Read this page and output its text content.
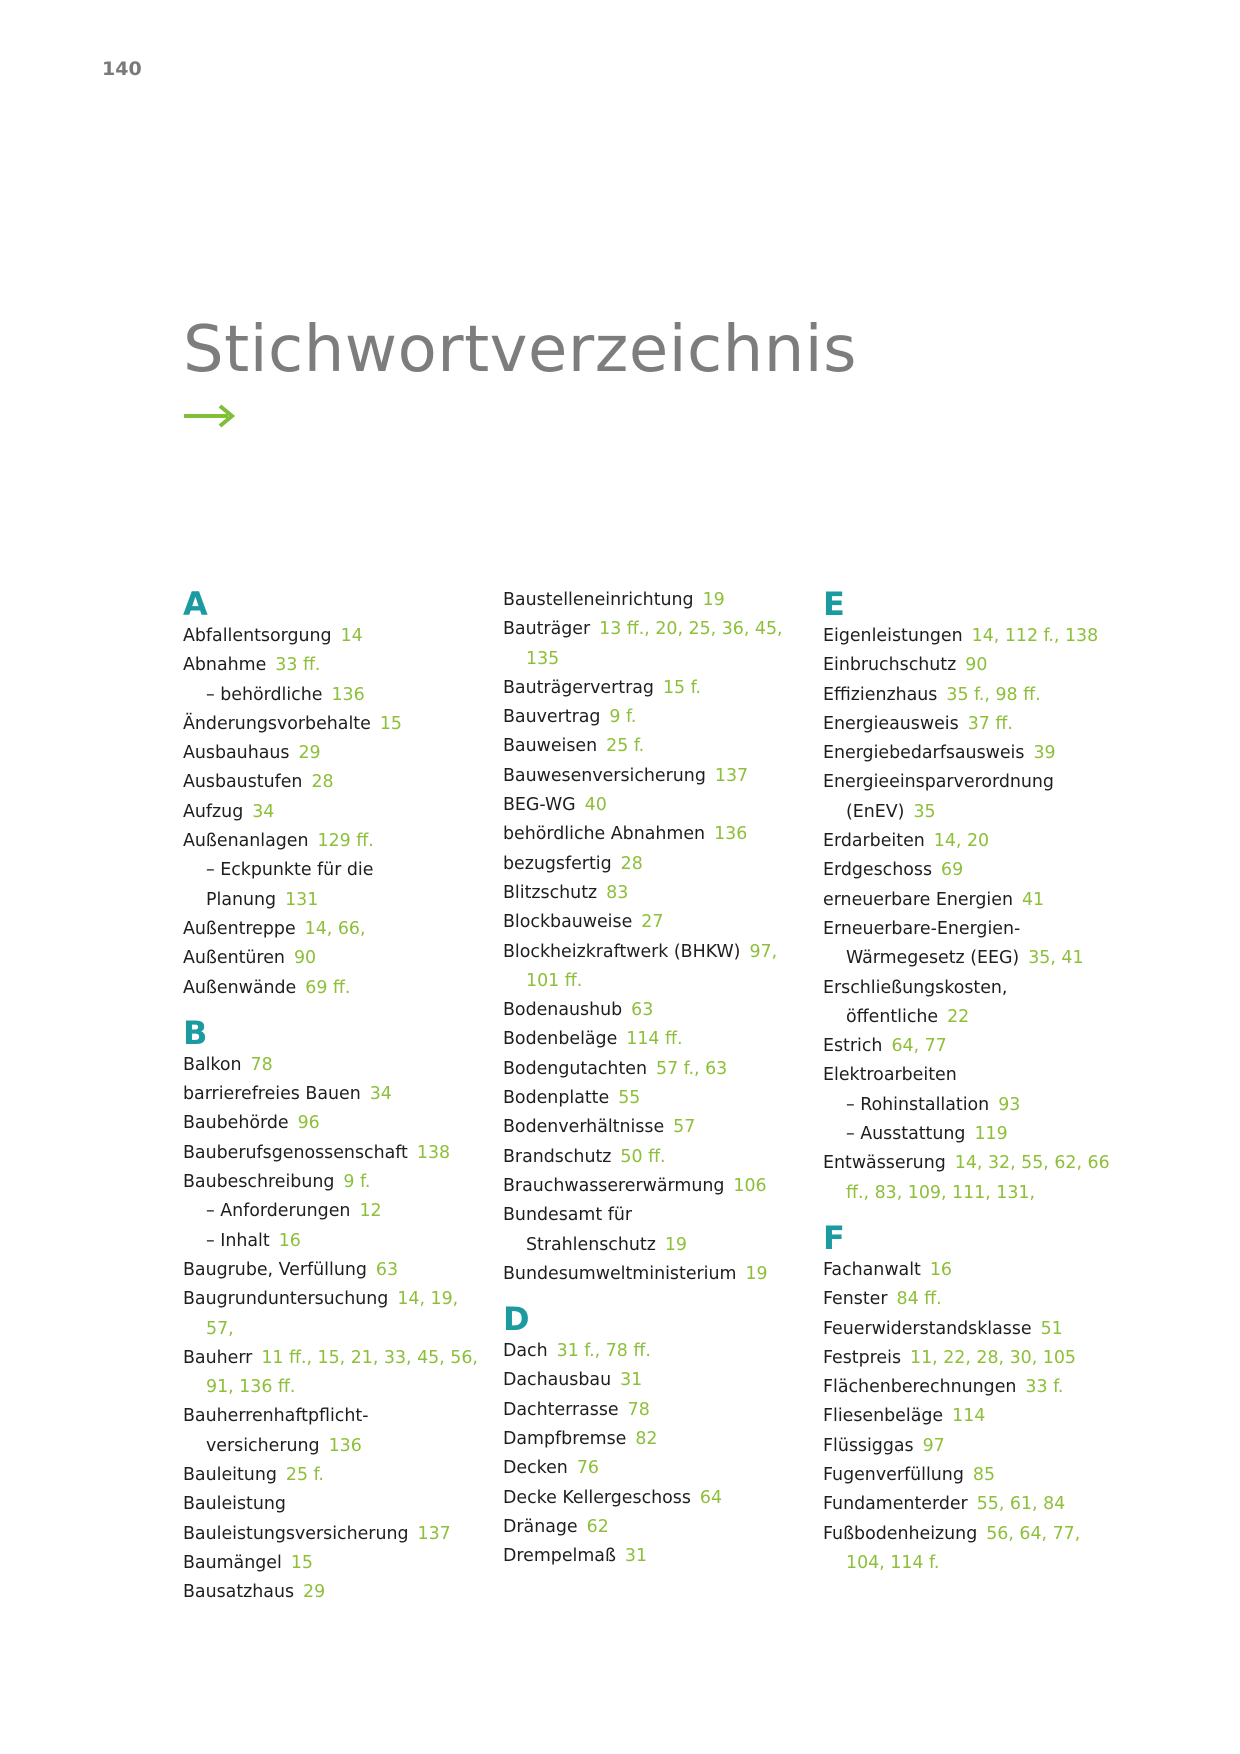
140
Stichwortverzeichnis
A
Abfallentsorgung 14
Abnahme 33 ff.
– behördliche 136
Änderungsvorbehalte 15
Ausbauhaus 29
Ausbaustufen 28
Aufzug 34
Außenanlagen 129 ff.
– Eckpunkte für die
Planung 131
Außentreppe 14, 66,
Außentüren 90
Außenwände 69 ff.
B
Balkon 78
barrierefreies Bauen 34
Baubehörde 96
Bauberufsgenossenschaft 138
Baubeschreibung 9 f.
– Anforderungen 12
– Inhalt 16
Baugrube, Verfüllung 63
Baugrunduntersuchung 14, 19,
57,
Bauherr 11 ff., 15, 21, 33, 45, 56,
91, 136 ff.
Bauherrenhaftpflicht-
versicherung 136
Bauleitung 25 f.
Bauleistung
Bauleistungsversicherung 137
Baumängel 15
Bausatzhaus 29
Baustelleneinrichtung 19
Bauträger 13 ff., 20, 25, 36, 45,
135
Bauträgervertrag 15 f.
Bauvertrag 9 f.
Bauweisen 25 f.
Bauwesenversicherung 137
BEG-WG 40
behördliche Abnahmen 136
bezugsfertig 28
Blitzschutz 83
Blockbauweise 27
Blockheizkraftwerk (BHKW) 97,
101 ff.
Bodenaushub 63
Bodenbeläge 114 ff.
Bodengutachten 57 f., 63
Bodenplatte 55
Bodenverhältnisse 57
Brandschutz 50 ff.
Brauchwassererwärmung 106
Bundesamt für
Strahlenschutz 19
Bundesumweltministerium 19
D
Dach 31 f., 78 ff.
Dachausbau 31
Dachterrasse 78
Dampfbremse 82
Decken 76
Decke Kellergeschoss 64
Dränage 62
Drempelmaß 31
E
Eigenleistungen 14, 112 f., 138
Einbruchschutz 90
Effizienzhaus 35 f., 98 ff.
Energieausweis 37 ff.
Energiebedarfsausweis 39
Energieeinsparverordnung
(EnEV) 35
Erdarbeiten 14, 20
Erdgeschoss 69
erneuerbare Energien 41
Erneuerbare-Energien-
Wärmegesetz (EEG) 35, 41
Erschließungskosten,
öffentliche 22
Estrich 64, 77
Elektroarbeiten
– Rohinstallation 93
– Ausstattung 119
Entwässerung 14, 32, 55, 62, 66
ff., 83, 109, 111, 131,
F
Fachanwalt 16
Fenster 84 ff.
Feuerwiderstandsklasse 51
Festpreis 11, 22, 28, 30, 105
Flächenberechnungen 33 f.
Fliesenbeläge 114
Flüssiggas 97
Fugenverfüllung 85
Fundamenterder 55, 61, 84
Fußbodenheizung 56, 64, 77,
104, 114 f.
